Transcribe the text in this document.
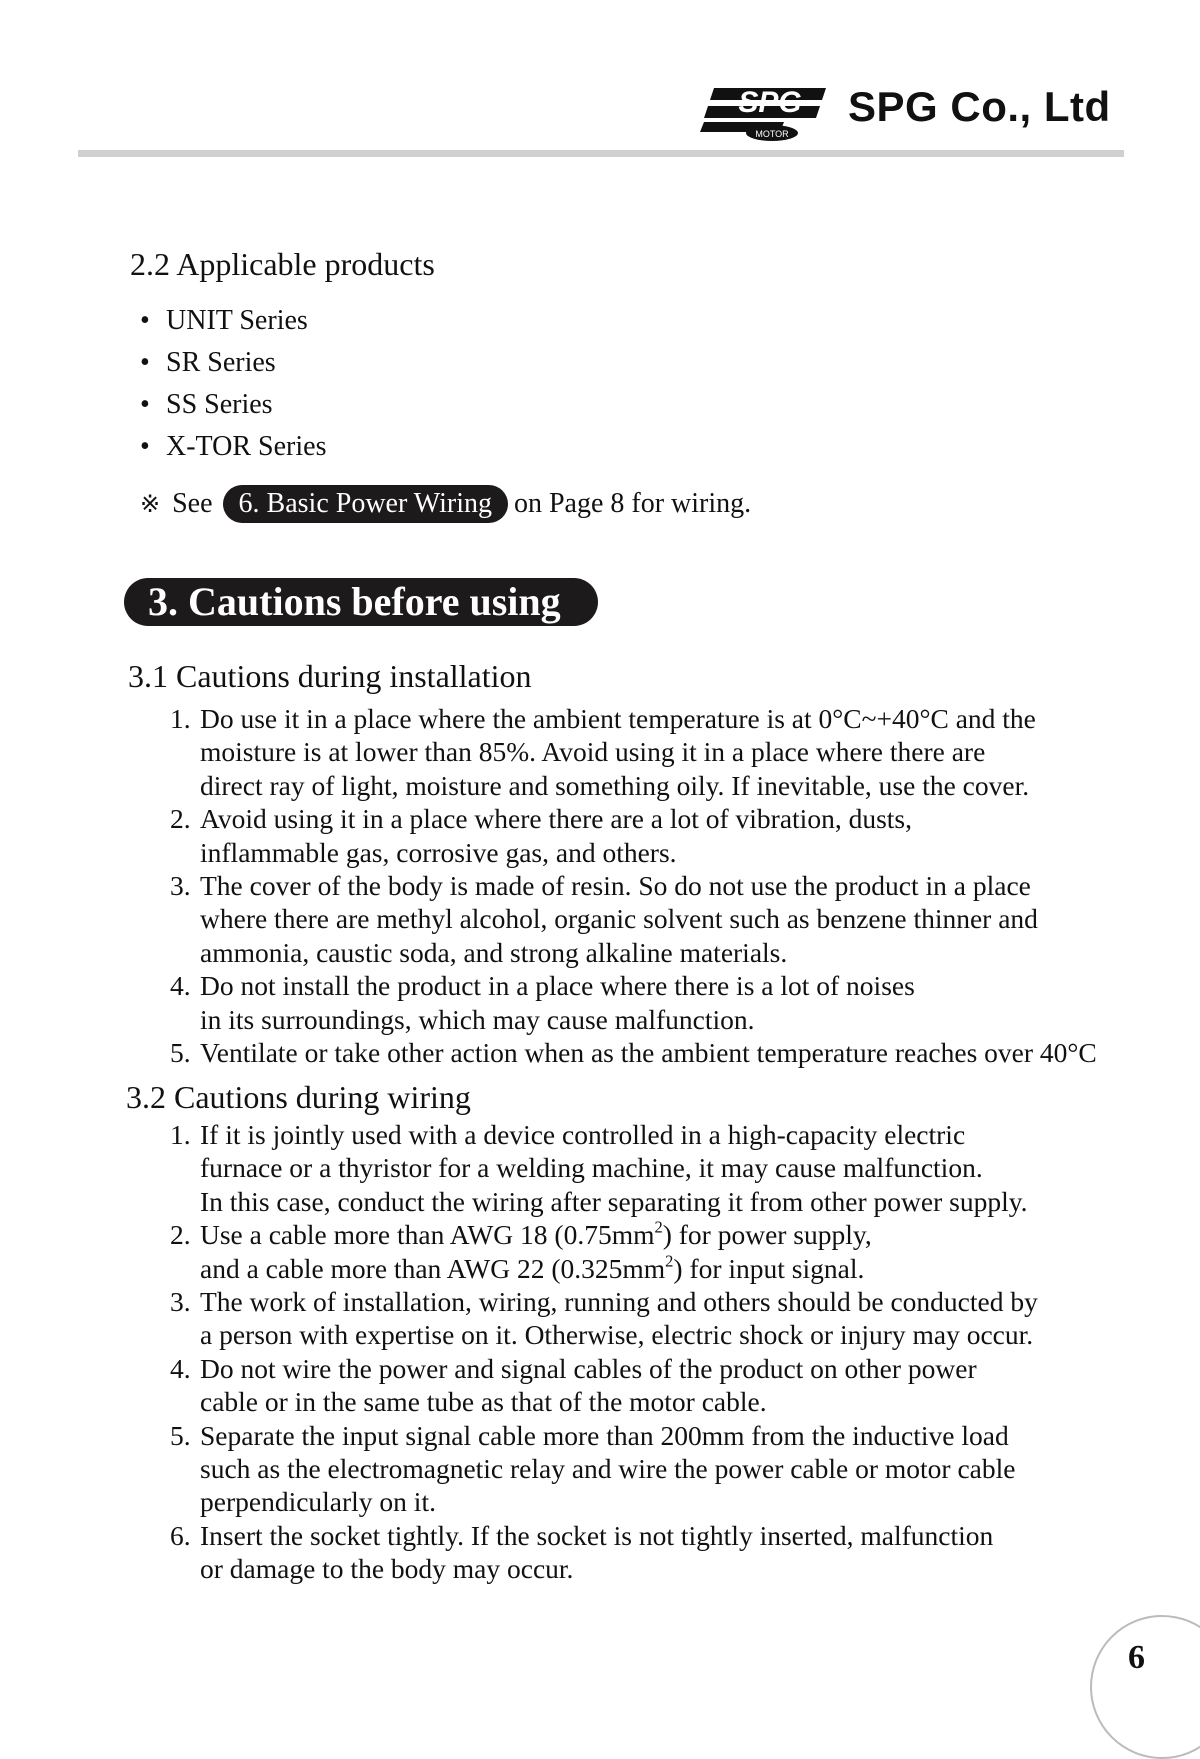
SPG
MOTOR
SPG Co., Ltd
2.2 Applicable products
• UNIT Series
• SR Series
• SS Series
• X-TOR Series
※ See 6. Basic Power Wiring on Page 8 for wiring.
3. Cautions before using
3.1 Cautions during installation
1. Do use it in a place where the ambient temperature is at 0°C~+40°C and the
moisture is at lower than 85%. Avoid using it in a place where there are
direct ray of light, moisture and something oily. If inevitable, use the cover.
2. Avoid using it in a place where there are a lot of vibration, dusts,
inflammable gas, corrosive gas, and others.
3. The cover of the body is made of resin. So do not use the product in a place
where there are methyl alcohol, organic solvent such as benzene thinner and
ammonia, caustic soda, and strong alkaline materials.
4. Do not install the product in a place where there is a lot of noises
in its surroundings, which may cause malfunction.
5. Ventilate or take other action when as the ambient temperature reaches over 40°C
3.2 Cautions during wiring
1. If it is jointly used with a device controlled in a high-capacity electric
furnace or a thyristor for a welding machine, it may cause malfunction.
In this case, conduct the wiring after separating it from other power supply.
2. Use a cable more than AWG 18 $(0.75mm^2)$ for power supply,
and a cable more than AWG 22 $(0.325mm^2)$ for input signal.
3. The work of installation, wiring, running and others should be conducted by
a person with expertise on it. Otherwise, electric shock or injury may occur.
4. Do not wire the power and signal cables of the product on other power
cable or in the same tube as that of the motor cable.
5. Separate the input signal cable more than 200mm from the inductive load
such as the electromagnetic relay and wire the power cable or motor cable
perpendicularly on it.
6. Insert the socket tightly. If the socket is not tightly inserted, malfunction
or damage to the body may occur.
6
